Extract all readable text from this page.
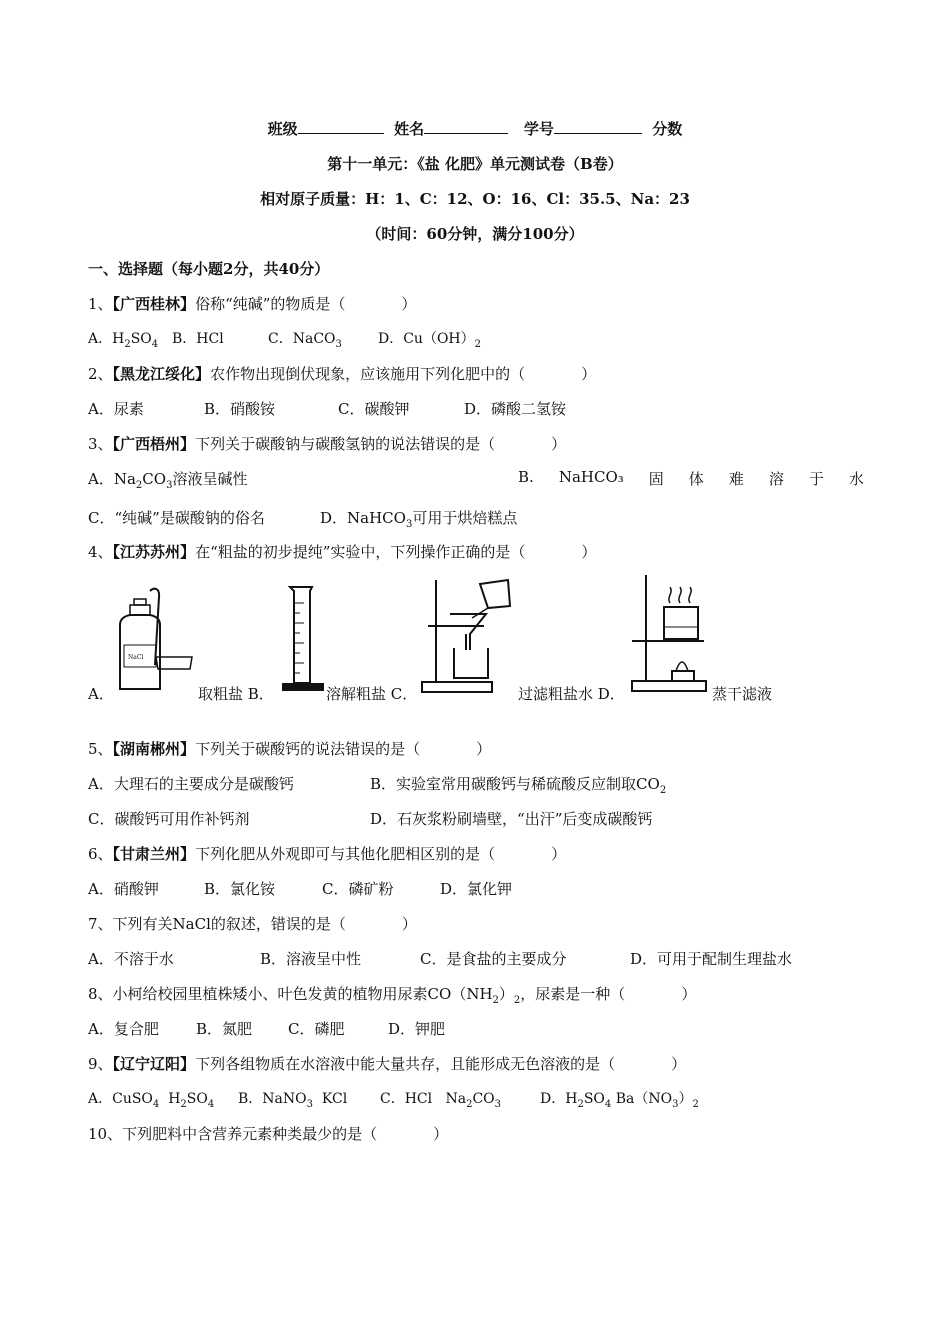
班级	姓名	学号	分数
第十一单元：《盐 化肥》单元测试卷（B卷）
相对原子质量：H：1、C：12、O：16、Cl：35.5、Na：23
（时间：60分钟，满分100分）
一、选择题（每小题2分，共40分）
1、【广西桂林】俗称“纯碱”的物质是（	）
A．$H_2SO_4$ B．HCl	C．NaCO$_3$	D．$Cu(OH)_2$
2、【黑龙江绥化】农作物出现倒伏现象，应该施用下列化肥中的（	）
A．尿素	B．硝酸铵	C．碳酸钾	D．磷酸二氢铵
3、【广西梧州】下列关于碳酸钠与碳酸氢钠的说法错误的是（	）
A．$Na_2CO_3$溶液呈碱性	B. NaHCO₃ 固 体 难 溶 于 水
C．“纯碱”是碳酸钠的俗名	D．NaHCO$_3$可用于烘焙糕点
4、【江苏苏州】在“粗盐的初步提纯”实验中，下列操作正确的是（	）
A．
NaCl
取粗盐 B．	溶解粗盐 C．	过滤粗盐水 D．	蒸干滤液
5、【湖南郴州】下列关于碳酸钙的说法错误的是（	）
A．大理石的主要成分是碳酸钙	B．实验室常用碳酸钙与稀硫酸反应制取$CO_2$
C．碳酸钙可用作补钙剂	D．石灰浆粉刷墙壁，“出汗”后变成碳酸钙
6、【甘肃兰州】下列化肥从外观即可与其他化肥相区别的是（	）
A．硝酸钾	B．氯化铵	C．磷矿粉	D．氯化钾
7、下列有关NaCl的叙述，错误的是（	）
A．不溶于水	B．溶液呈中性	C．是食盐的主要成分	D．可用于配制生理盐水
8、小柯给校园里植株矮小、叶色发黄的植物用尿素$CO(NH_2)_2$，尿素是一种（	）
A．复合肥 B．氮肥 C．磷肥	D．钾肥
9、【辽宁辽阳】下列各组物质在水溶液中能大量共存，且能形成无色溶液的是（	）
A．CuSO$_4$ $H_2SO_4$ B．NaNO$_3$ KCl C．HCl $Na_2CO_3$	D．$H_2SO_4$ $Ba(NO_3)_2$
10、下列肥料中含营养元素种类最少的是（	）
